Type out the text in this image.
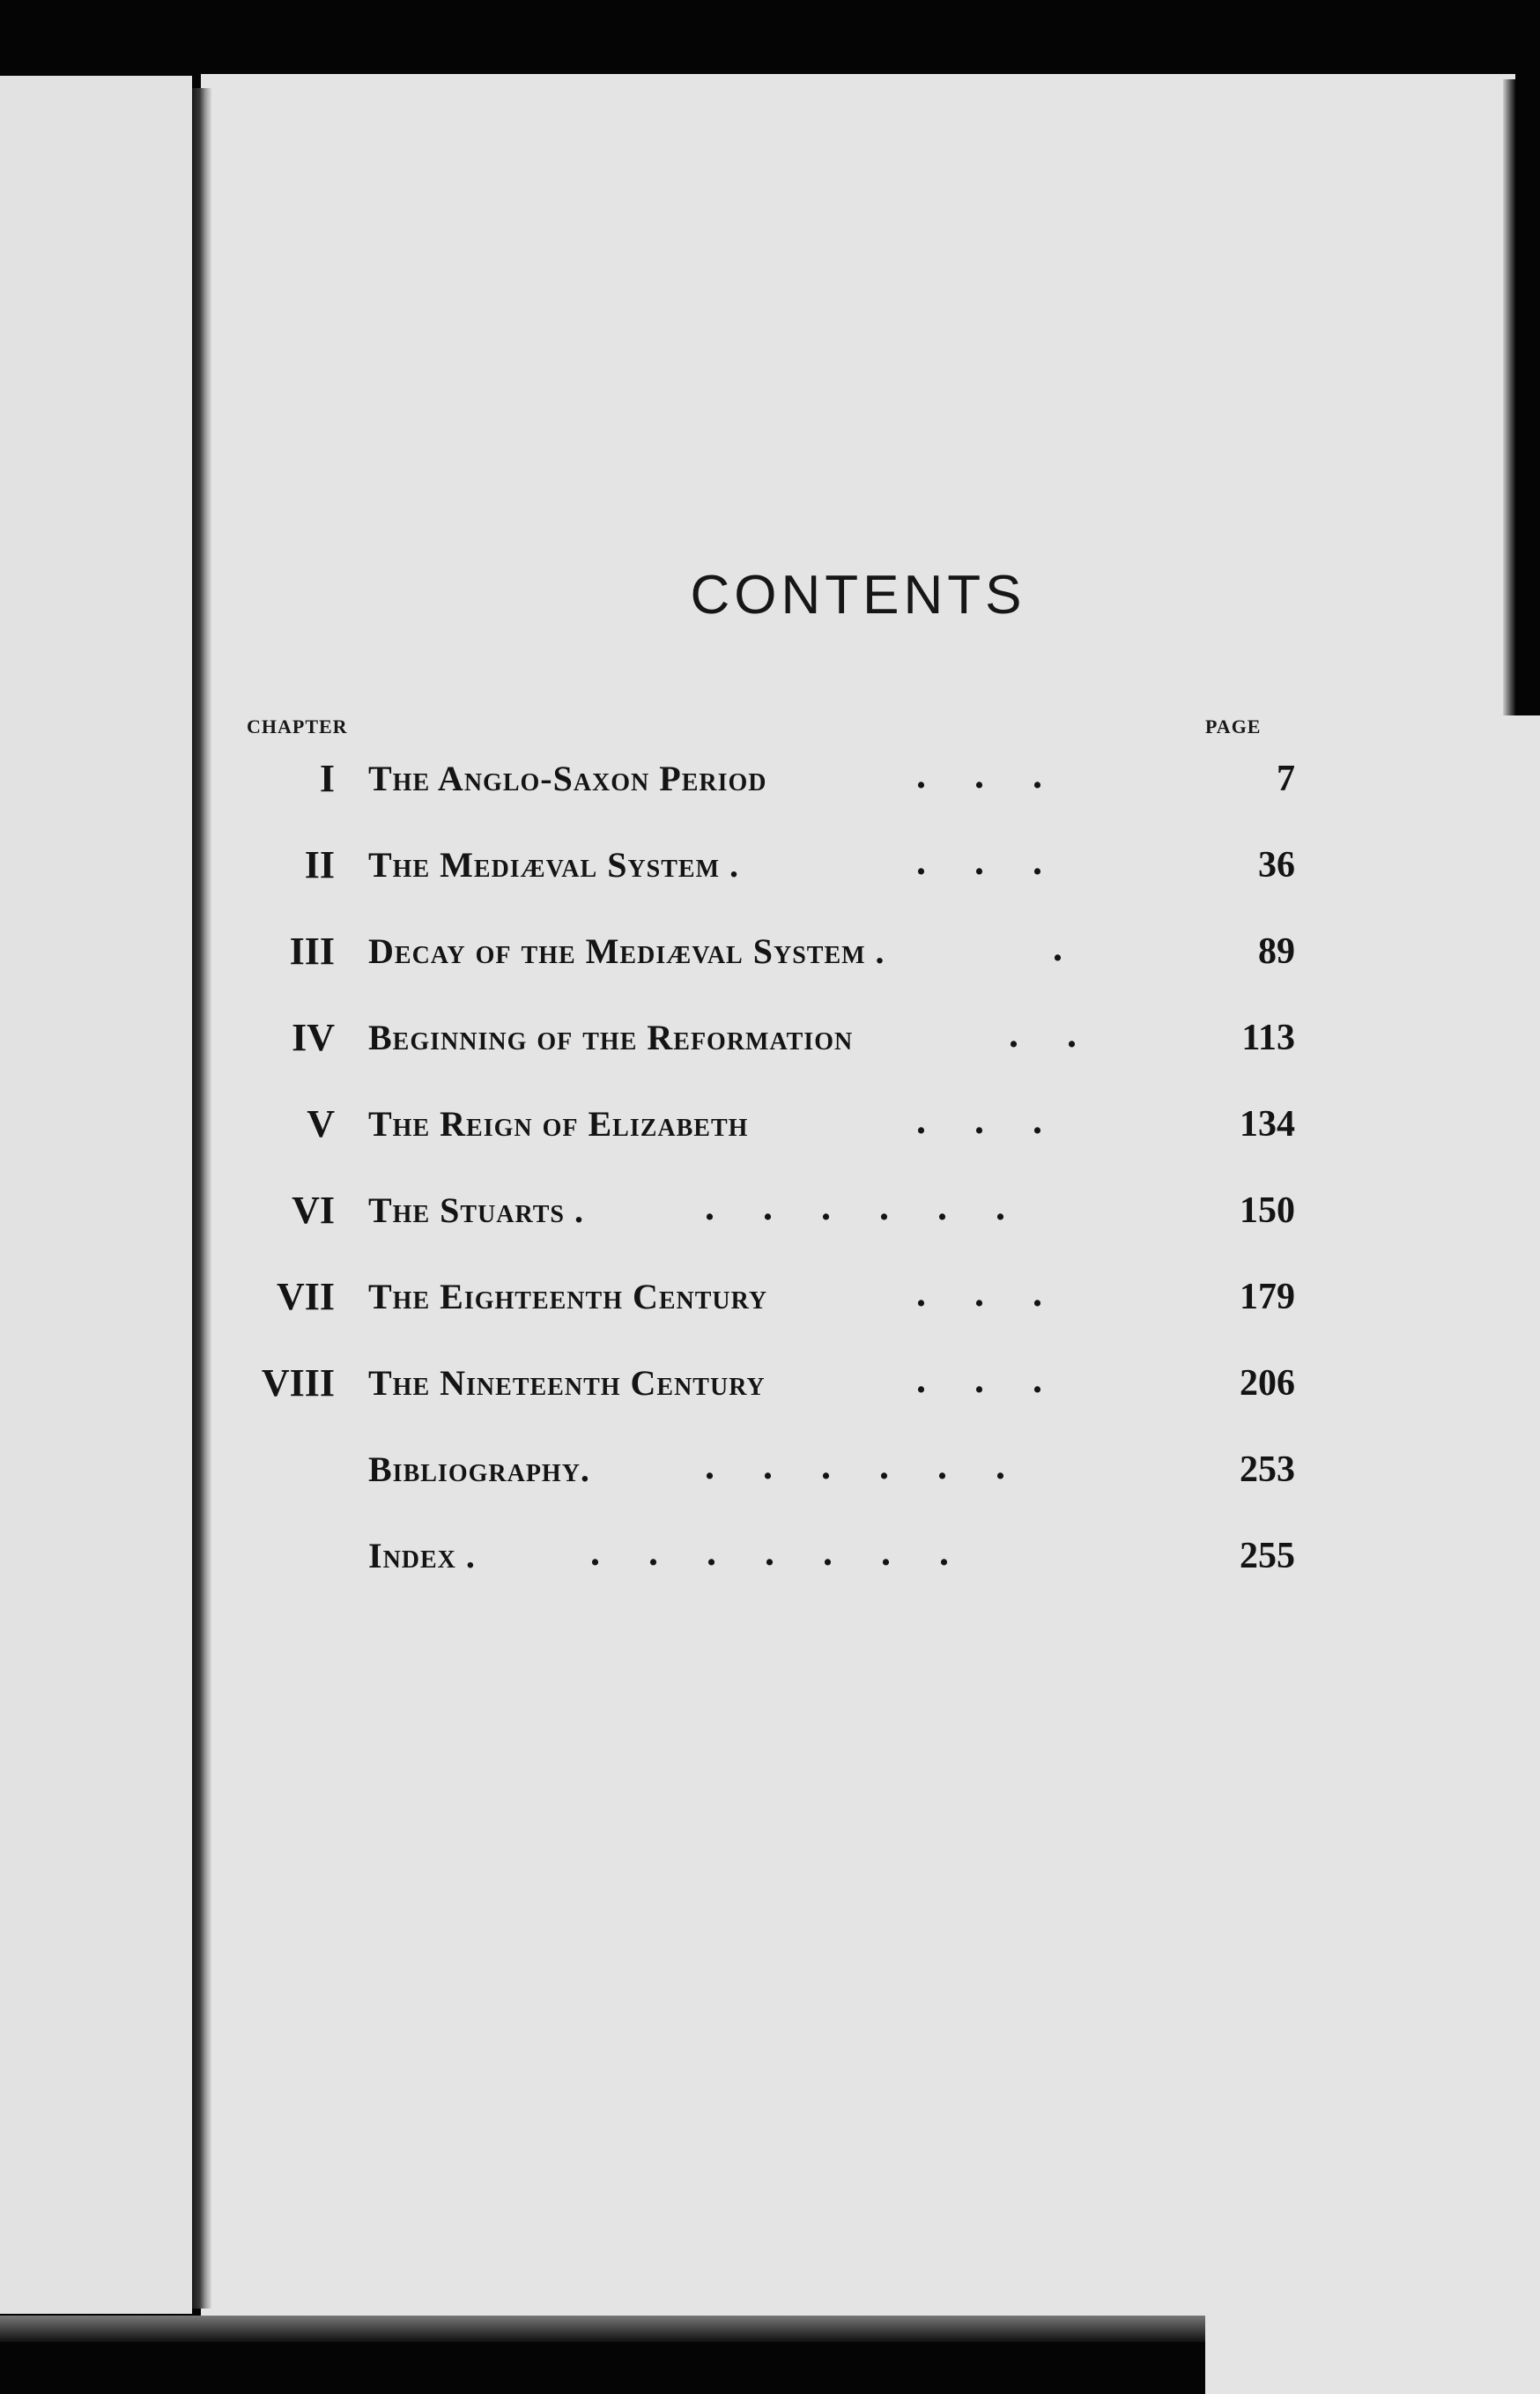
CONTENTS
CHAPTER	PAGE
I The Anglo-Saxon Period	.     .     .	7
II The Mediæval System .	.     .     .	36
III Decay of the Mediæval System .	.	89
IV Beginning of the Reformation	.     .	113
V The Reign of Elizabeth	.     .     .	134
VI The Stuarts .	.     .     .     .     .     .	150
VII The Eighteenth Century	.     .     .	179
VIII The Nineteenth Century	.     .     .	206
Bibliography.	.     .     .     .     .     .	253
Index .	.     .     .     .     .     .     .	255
